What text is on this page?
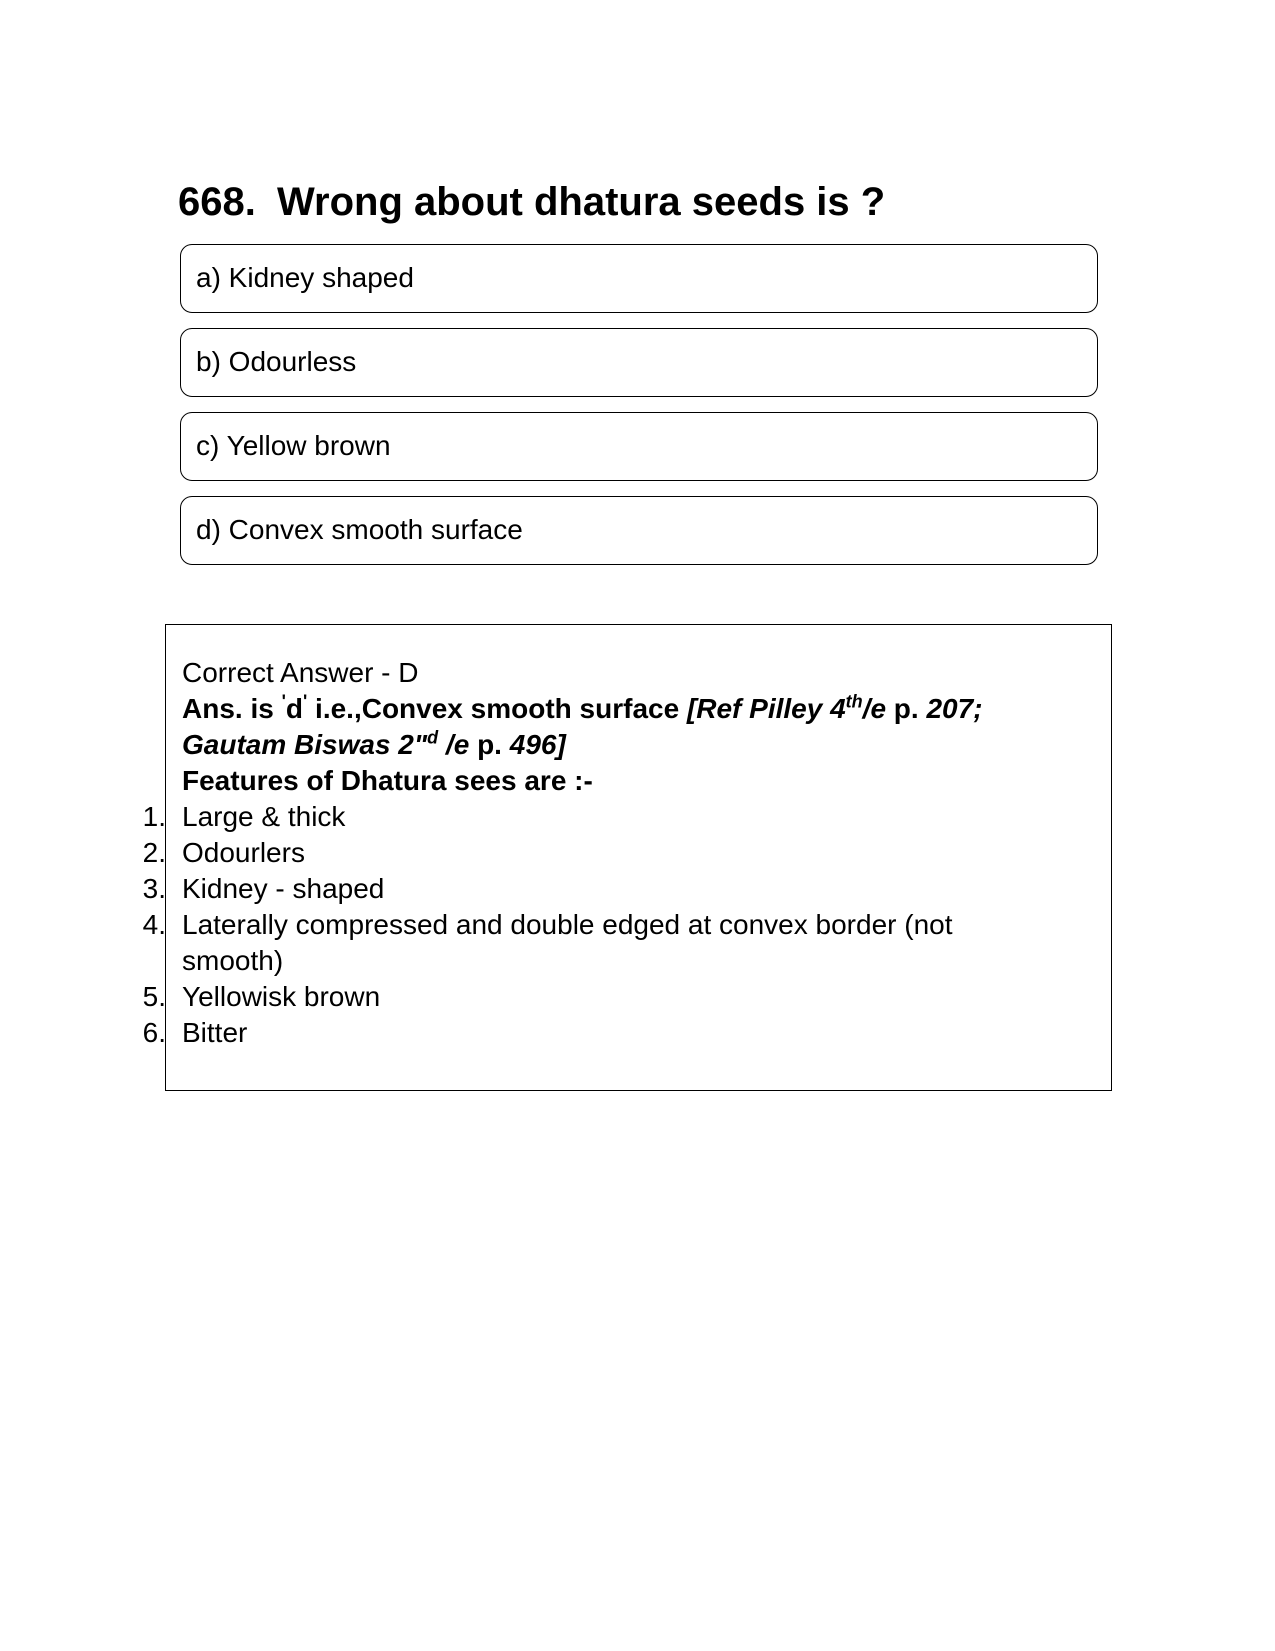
668. Wrong about dhatura seeds is ?
a) Kidney shaped
b) Odourless
c) Yellow brown
d) Convex smooth surface
Correct Answer - D
Ans. is 'd' i.e.,Convex smooth surface [Ref Pilley 4th/e p. 207;
Gautam Biswas 2"$^d$ /e p. 496]
Features of Dhatura sees are :-
1. Large & thick
2. Odourlers
3. Kidney - shaped
4. Laterally compressed and double edged at convex border (not
smooth)
5. Yellowisk brown
6. Bitter
